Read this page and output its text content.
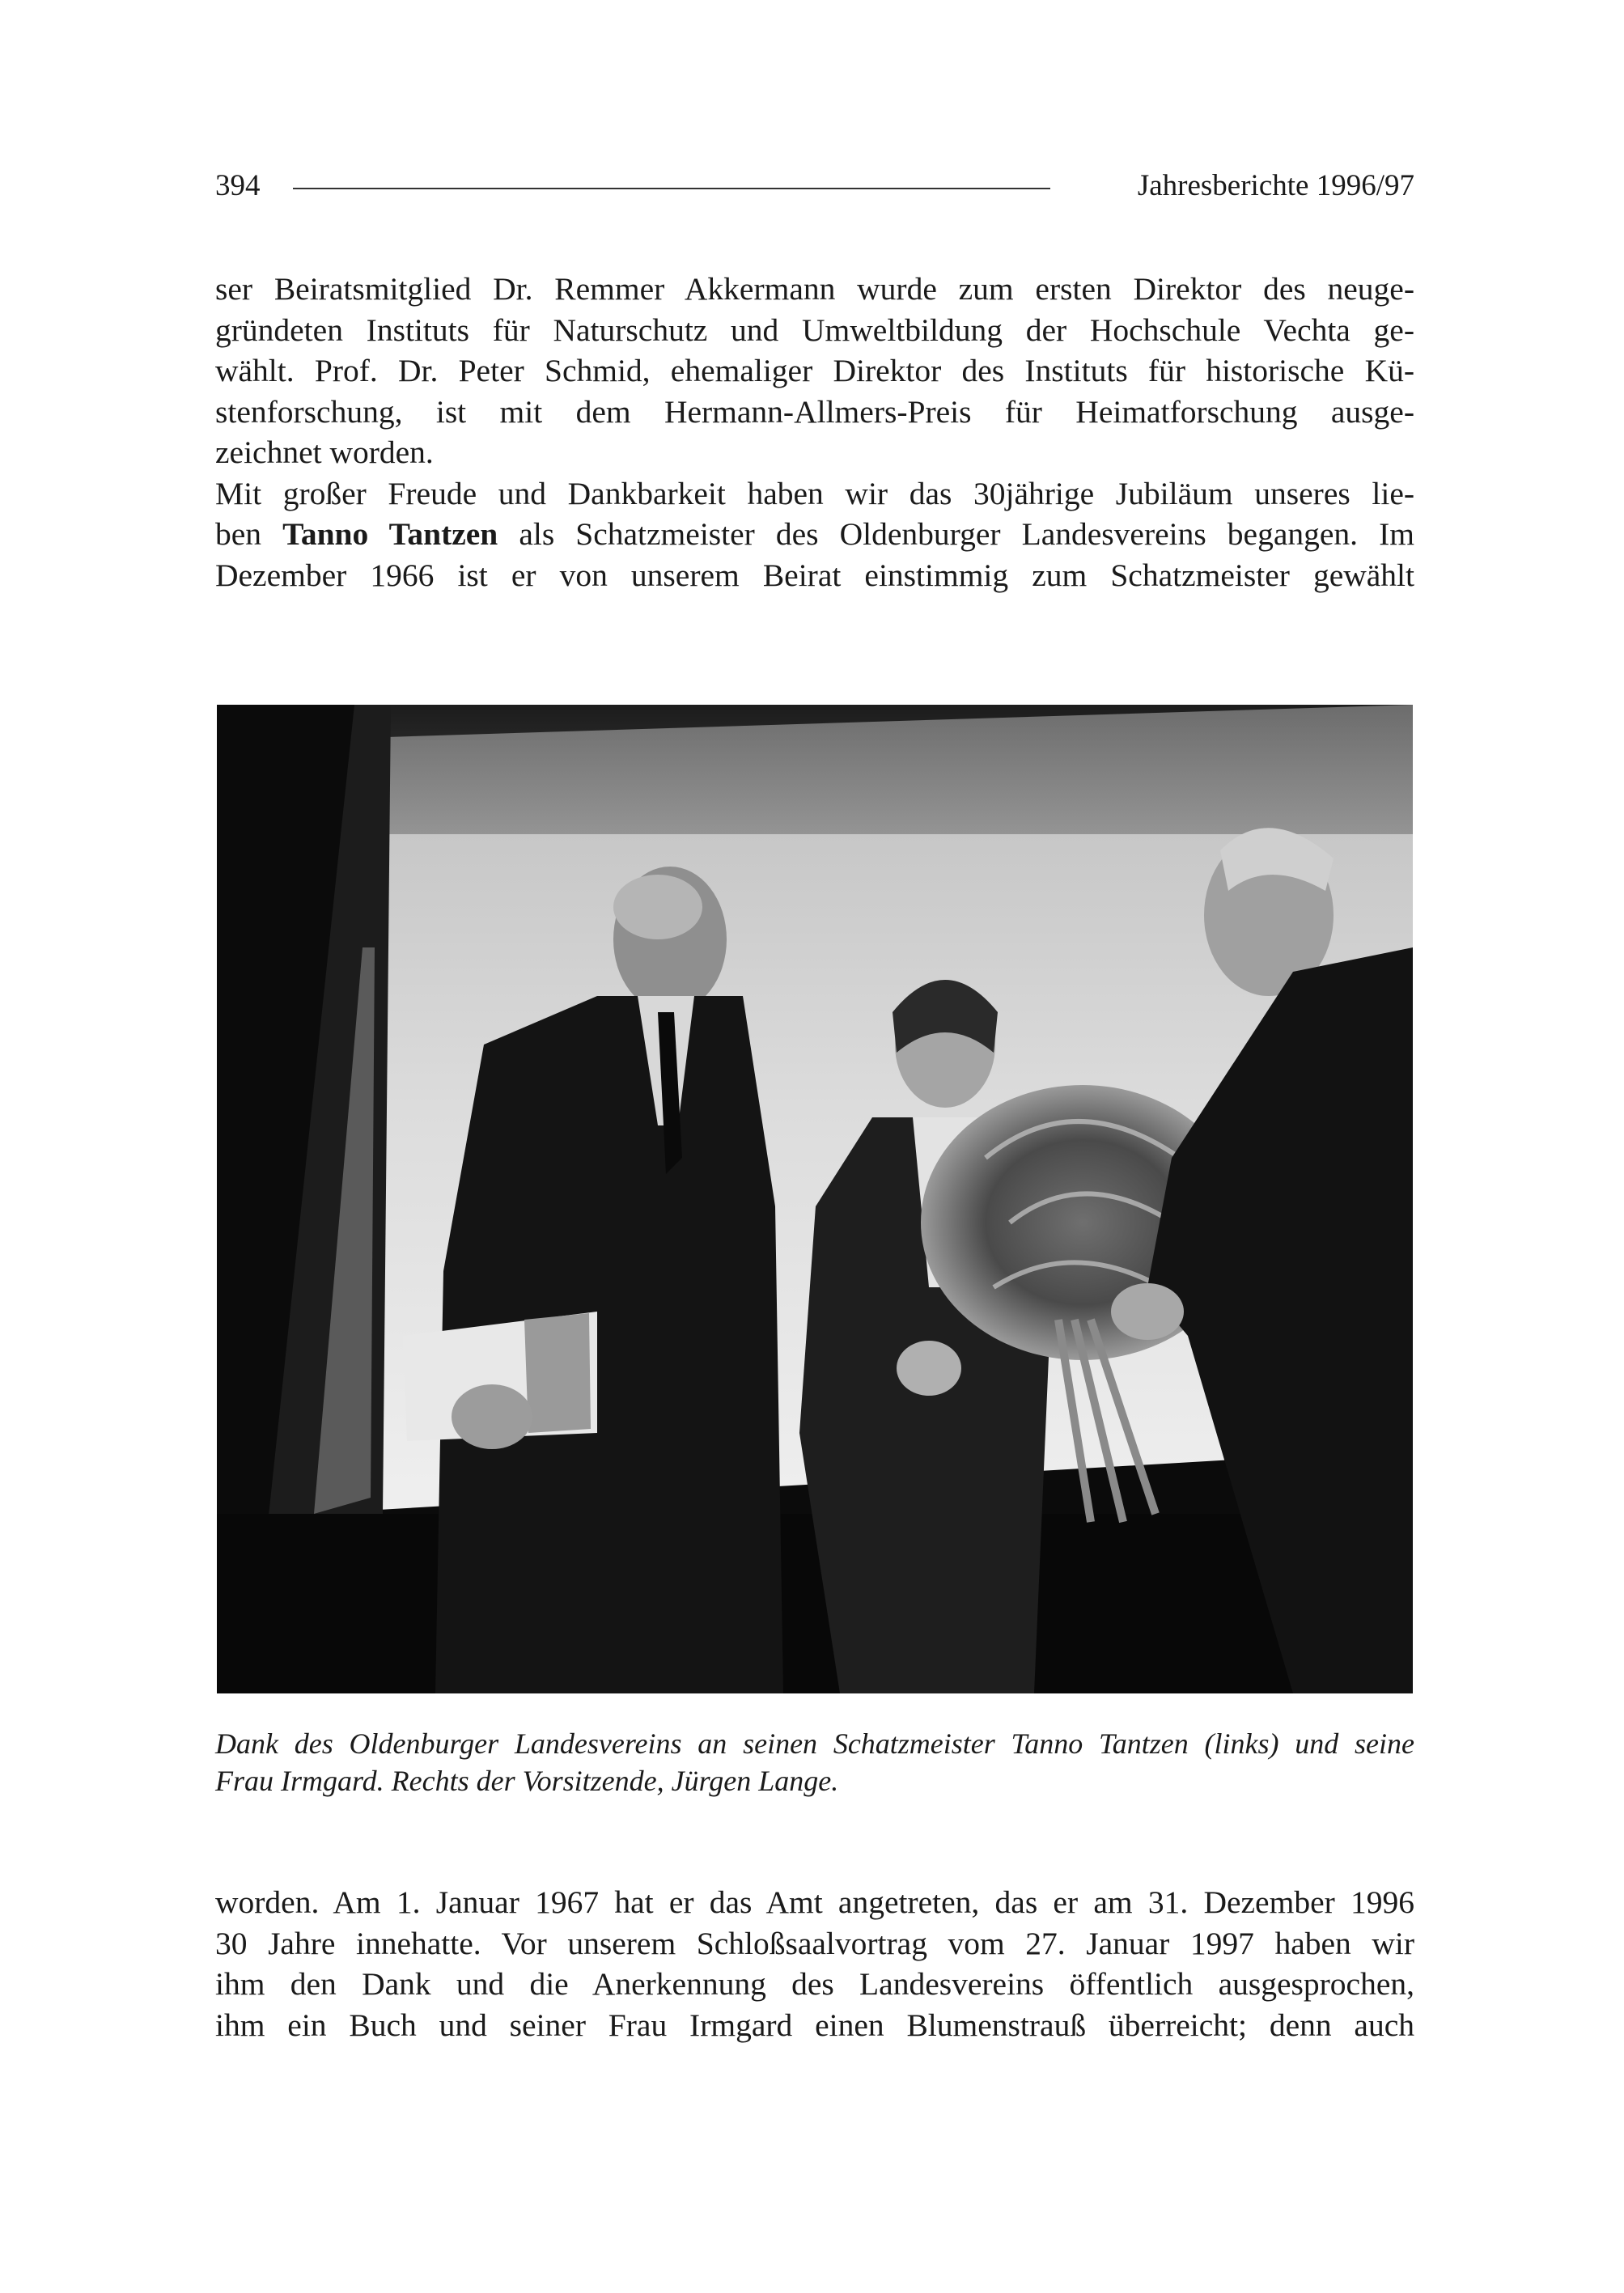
394	Jahresberichte 1996/97
ser Beiratsmitglied Dr. Remmer Akkermann wurde zum ersten Direktor des neuge-
gründeten Instituts für Naturschutz und Umweltbildung der Hochschule Vechta ge-
wählt. Prof. Dr. Peter Schmid, ehemaliger Direktor des Instituts für historische Kü-
stenforschung, ist mit dem Hermann-Allmers-Preis für Heimatforschung ausge-
zeichnet worden.
Mit großer Freude und Dankbarkeit haben wir das 30jährige Jubiläum unseres lie-
ben Tanno Tantzen als Schatzmeister des Oldenburger Landesvereins begangen. Im
Dezember 1966 ist er von unserem Beirat einstimmig zum Schatzmeister gewählt
Dank des Oldenburger Landesvereins an seinen Schatzmeister Tanno Tantzen (links) und seine
Frau Irmgard. Rechts der Vorsitzende, Jürgen Lange.
worden. Am 1. Januar 1967 hat er das Amt angetreten, das er am 31. Dezember 1996
30 Jahre innehatte. Vor unserem Schloßsaalvortrag vom 27. Januar 1997 haben wir
ihm den Dank und die Anerkennung des Landesvereins öffentlich ausgesprochen,
ihm ein Buch und seiner Frau Irmgard einen Blumenstrauß überreicht; denn auch
